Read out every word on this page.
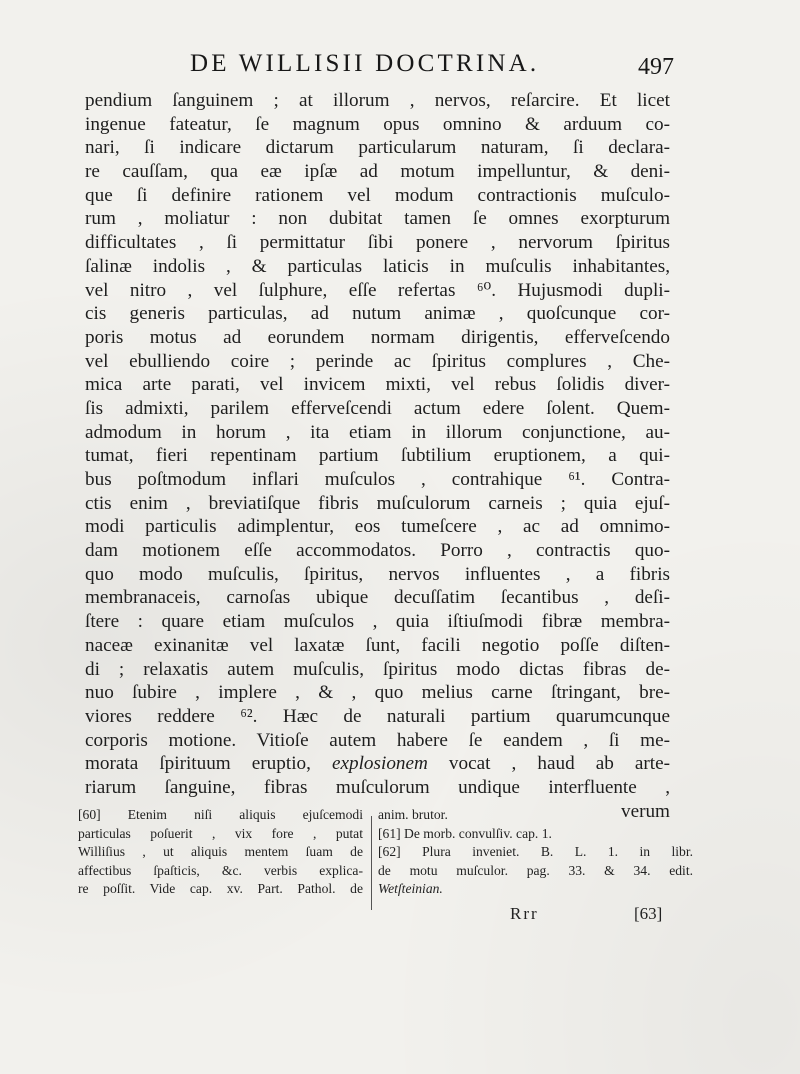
DE WILLISII DOCTRINA.	497
pendium ſanguinem ; at illorum , nervos, reſarcire. Et licet
ingenue fateatur, ſe magnum opus omnino & arduum co-
nari, ſi indicare dictarum particularum naturam, ſi declara-
re cauſſam, qua eæ ipſæ ad motum impelluntur, & deni-
que ſi definire rationem vel modum contractionis muſculo-
rum , moliatur : non dubitat tamen ſe omnes exorpturum
difficultates , ſi permittatur ſibi ponere , nervorum ſpiritus
ſalinæ indolis , & particulas laticis in muſculis inhabitantes,
vel nitro , vel ſulphure, eſſe refertas ⁶⁰. Hujusmodi dupli-
cis generis particulas, ad nutum animæ , quoſcunque cor-
poris motus ad eorundem normam dirigentis, efferveſcendo
vel ebulliendo coire ; perinde ac ſpiritus complures , Che-
mica arte parati, vel invicem mixti, vel rebus ſolidis diver-
ſis admixti, parilem efferveſcendi actum edere ſolent. Quem-
admodum in horum , ita etiam in illorum conjunctione, au-
tumat, fieri repentinam partium ſubtilium eruptionem, a qui-
bus poſtmodum inflari muſculos , contrahique ⁶¹. Contra-
ctis enim , breviatiſque fibris muſculorum carneis ; quia ejuſ-
modi particulis adimplentur, eos tumeſcere , ac ad omnimo-
dam motionem eſſe accommodatos. Porro , contractis quo-
quo modo muſculis, ſpiritus, nervos influentes , a fibris
membranaceis, carnoſas ubique decuſſatim ſecantibus , deſi-
ſtere : quare etiam muſculos , quia iſtiuſmodi fibræ membra-
naceæ exinanitæ vel laxatæ ſunt, facili negotio poſſe diſten-
di ; relaxatis autem muſculis, ſpiritus modo dictas fibras de-
nuo ſubire , implere , & , quo melius carne ſtringant, bre-
viores reddere ⁶². Hæc de naturali partium quarumcunque
corporis motione. Vitioſe autem habere ſe eandem , ſi me-
morata ſpirituum eruptio, explosionem vocat , haud ab arte-
riarum ſanguine, fibras muſculorum undique interfluente ,
verum
[60] Etenim niſi aliquis ejuſcemodi
particulas poſuerit , vix fore , putat
Williſius , ut aliquis mentem ſuam de
affectibus ſpaſticis, &c. verbis explica-
re poſſit. Vide cap. xv. Part. Pathol. de
anim. brutor.
[61] De morb. convulſiv. cap. 1.
[62] Plura inveniet. B. L. 1. in libr.
de motu muſculor. pag. 33. & 34. edit.
Wetſteinian.
Rrr	[63]
